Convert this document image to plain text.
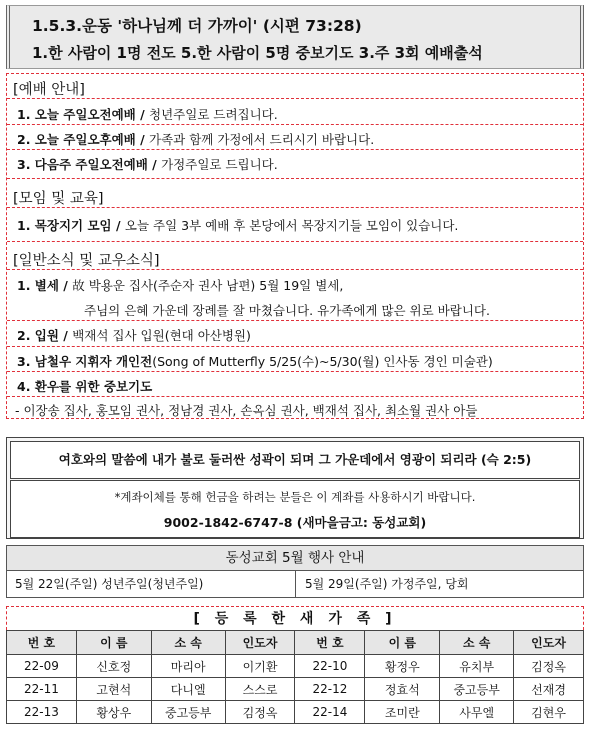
1.5.3.운동 '하나님께 더 가까이' (시편 73:28)
1.한 사람이 1명 전도 5.한 사람이 5명 중보기도 3.주 3회 예배출석
[예배 안내]
1. 오늘 주일오전예배 / 청년주일로 드려집니다.
2. 오늘 주일오후예배 / 가족과 함께 가정에서 드리시기 바랍니다.
3. 다음주 주일오전예배 / 가정주일로 드립니다.
[모임 및 교육]
1. 목장지기 모임 / 오늘 주일 3부 예배 후 본당에서 목장지기들 모임이 있습니다.
[일반소식 및 교우소식]
1. 별세 / 故 박용운 집사(주순자 권사 남편) 5월 19일 별세,
주님의 은혜 가운데 장례를 잘 마쳤습니다. 유가족에게 많은 위로 바랍니다.
2. 입원 / 백재석 집사 입원(현대 아산병원)
3. 남철우 지휘자 개인전(Song of Mutterfly 5/25(수)~5/30(월) 인사동 경인 미술관)
4. 환우를 위한 중보기도
- 이장송 집사, 홍모임 권사, 정남경 권사, 손옥심 권사, 백재석 집사, 최소월 권사 아들
여호와의 말씀에 내가 불로 둘러싼 성곽이 되며 그 가운데에서 영광이 되리라 (슥 2:5)
*계좌이체를 통해 헌금을 하려는 분들은 이 계좌를 사용하시기 바랍니다.
9002-1842-6747-8 (새마을금고: 동성교회)
동성교회 5월 행사 안내
5월 22일(주일) 성년주일(청년주일)	5월 29일(주일) 가정주일, 당회
[ 등 록 한 새 가 족 ]
번 호	이 름	소 속	인도자	번 호	이 름	소 속	인도자
22-09	신호정	마리아	이기환	22-10	황정우	유치부	김정옥
22-11	고현석	다니엘	스스로	22-12	정효석	중고등부	선재경
22-13	황상우	중고등부	김정옥	22-14	조미란	사무엘	김현우
